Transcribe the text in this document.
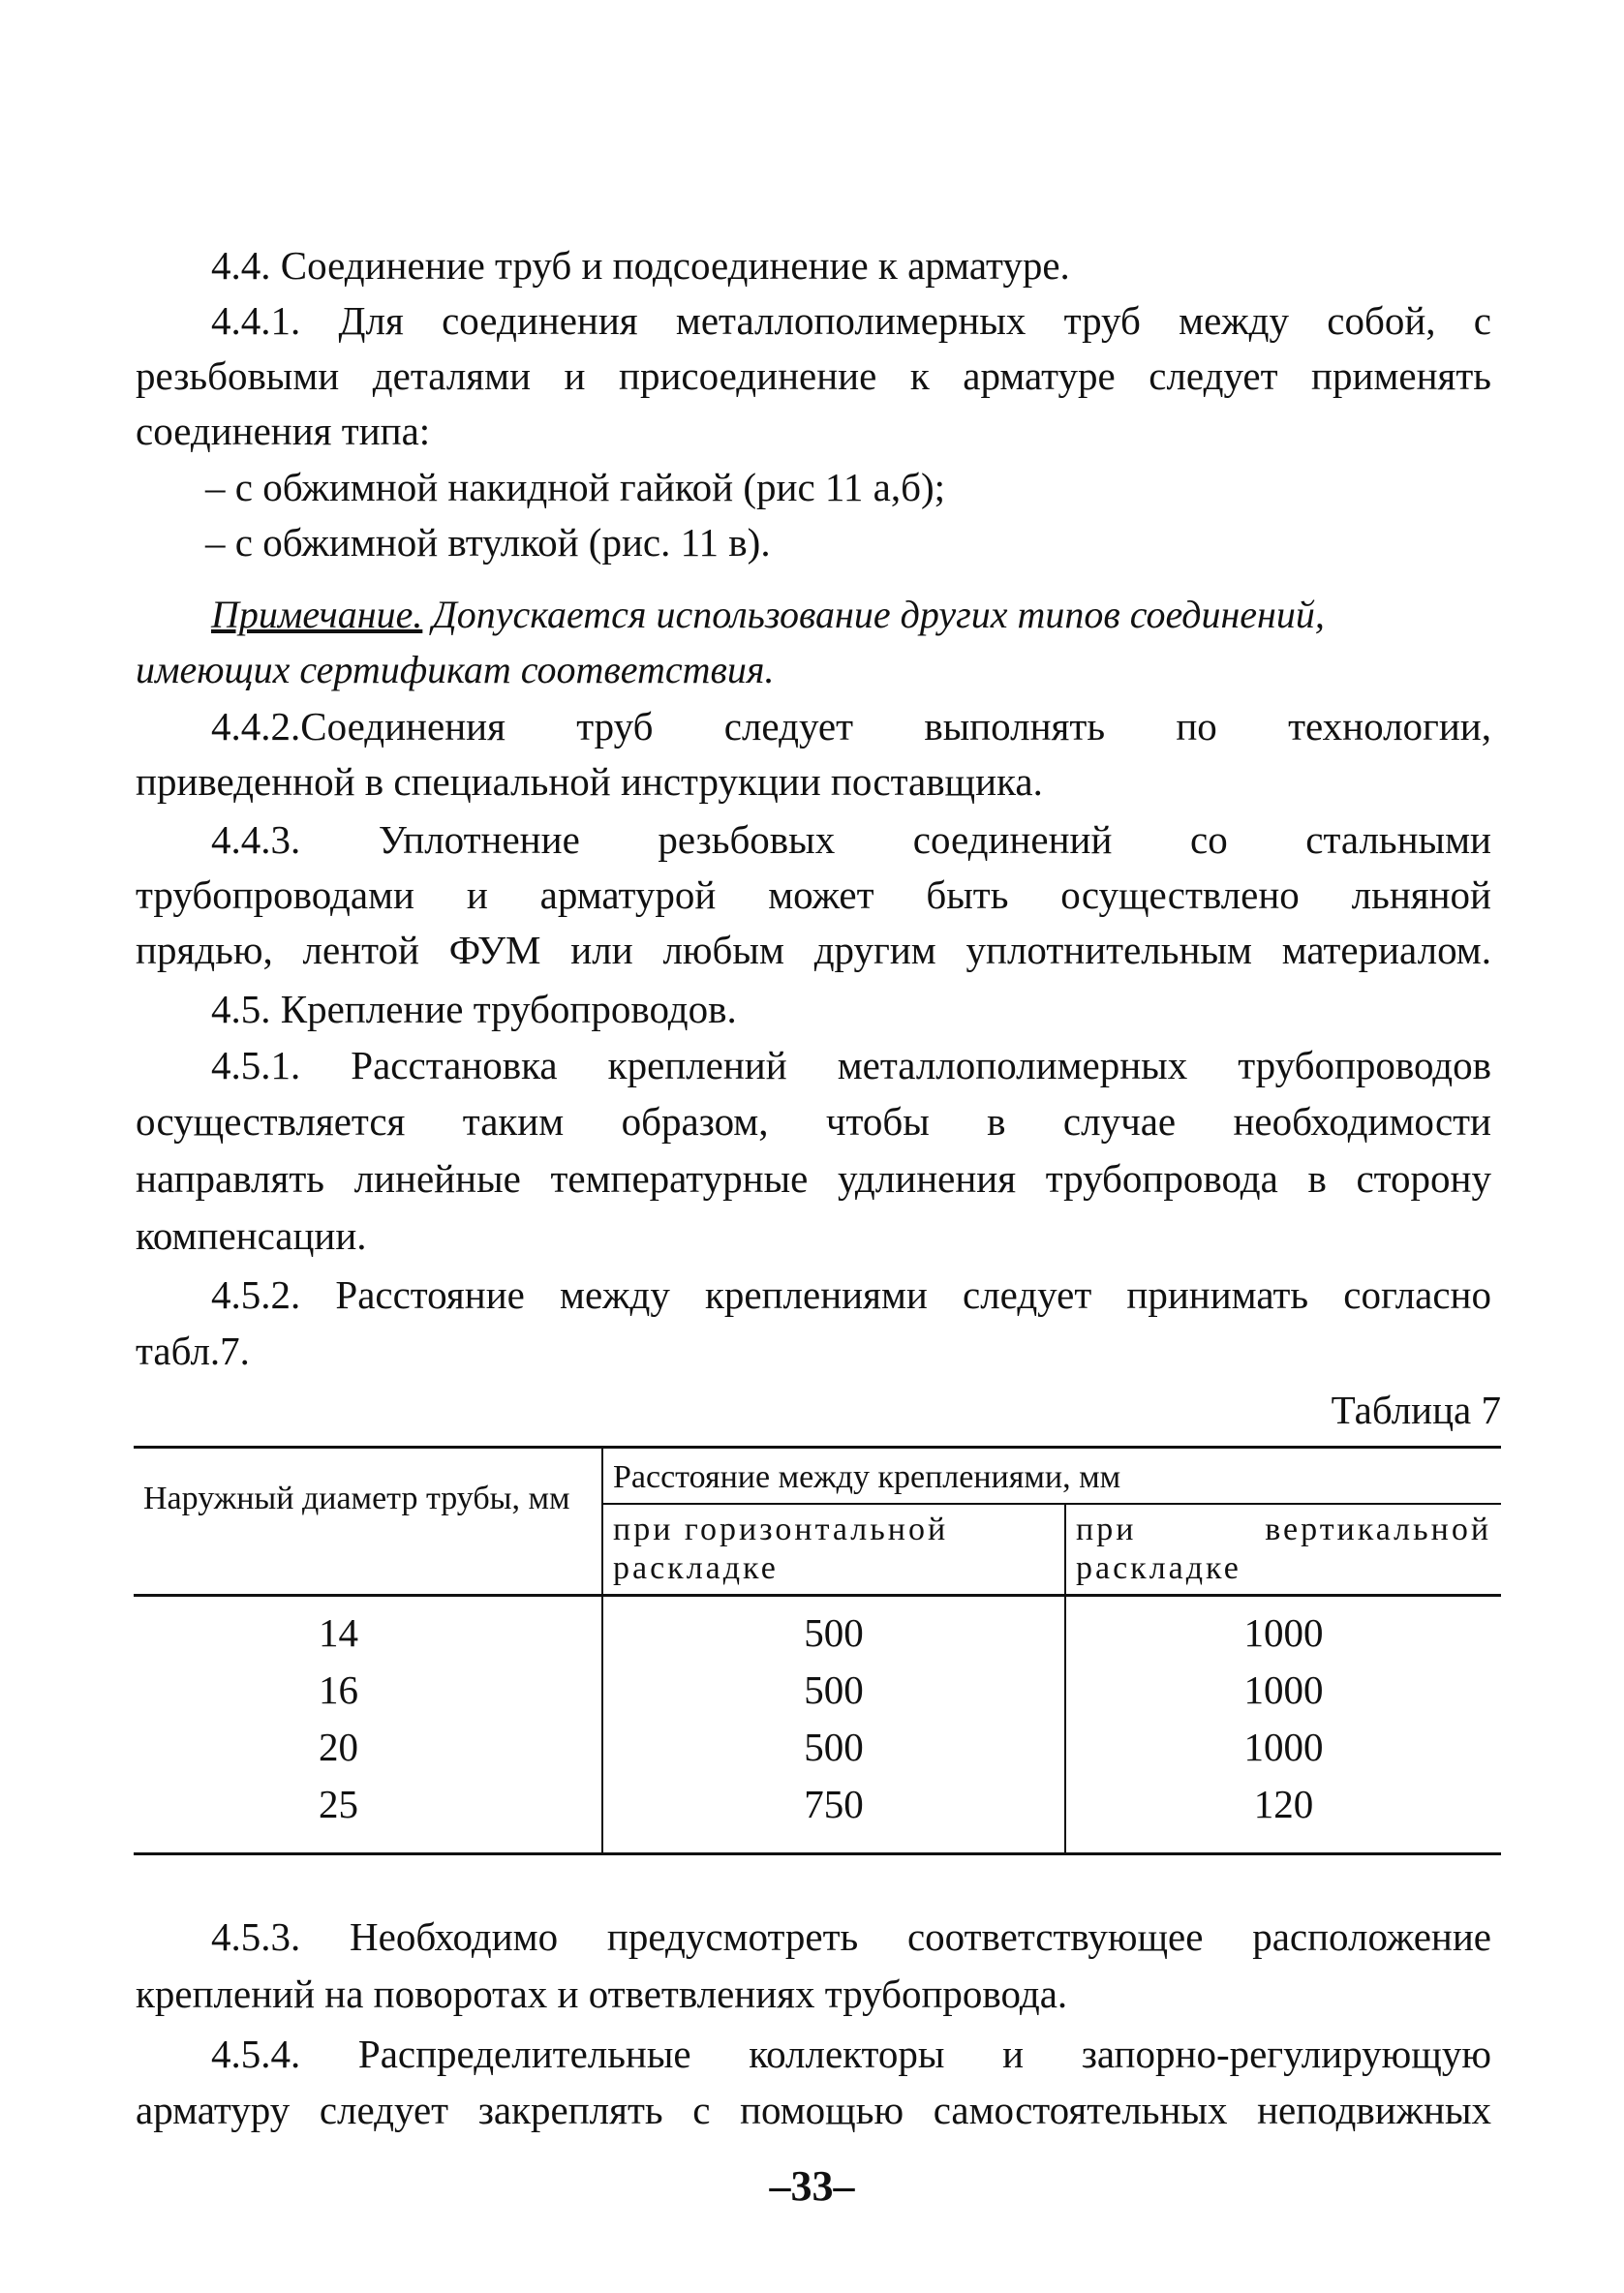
4.4. Соединение труб и подсоединение к арматуре.
4.4.1. Для соединения металлополимерных труб между собой, с
резьбовыми деталями и присоединение к арматуре следует применять
соединения типа:
– с обжимной накидной гайкой (рис 11 а,б);
– с обжимной втулкой (рис. 11 в).
Примечание. Допускается использование других типов соединений,
имеющих сертификат соответствия.
4.4.2.Соединения труб следует выполнять по технологии,
приведенной в специальной инструкции поставщика.
4.4.3. Уплотнение резьбовых соединений со стальными
трубопроводами и арматурой может быть осуществлено льняной
прядью, лентой ФУМ или любым другим уплотнительным материалом.
4.5. Крепление трубопроводов.
4.5.1. Расстановка креплений металлополимерных трубопроводов
осуществляется таким образом, чтобы в случае необходимости
направлять линейные температурные удлинения трубопровода в сторону
компенсации.
4.5.2. Расстояние между креплениями следует принимать согласно
табл.7.
Таблица 7
Наружный диаметр трубы, мм	Расстояние между креплениями, мм	
	при горизонтальной раскладке	при вертикальной раскладке
14	500	1000
16	500	1000
20	500	1000
25	750	120
4.5.3. Необходимо предусмотреть соответствующее расположение
креплений на поворотах и ответвлениях трубопровода.
4.5.4. Распределительные коллекторы и запорно-регулирующую
арматуру следует закреплять с помощью самостоятельных неподвижных
–33–
